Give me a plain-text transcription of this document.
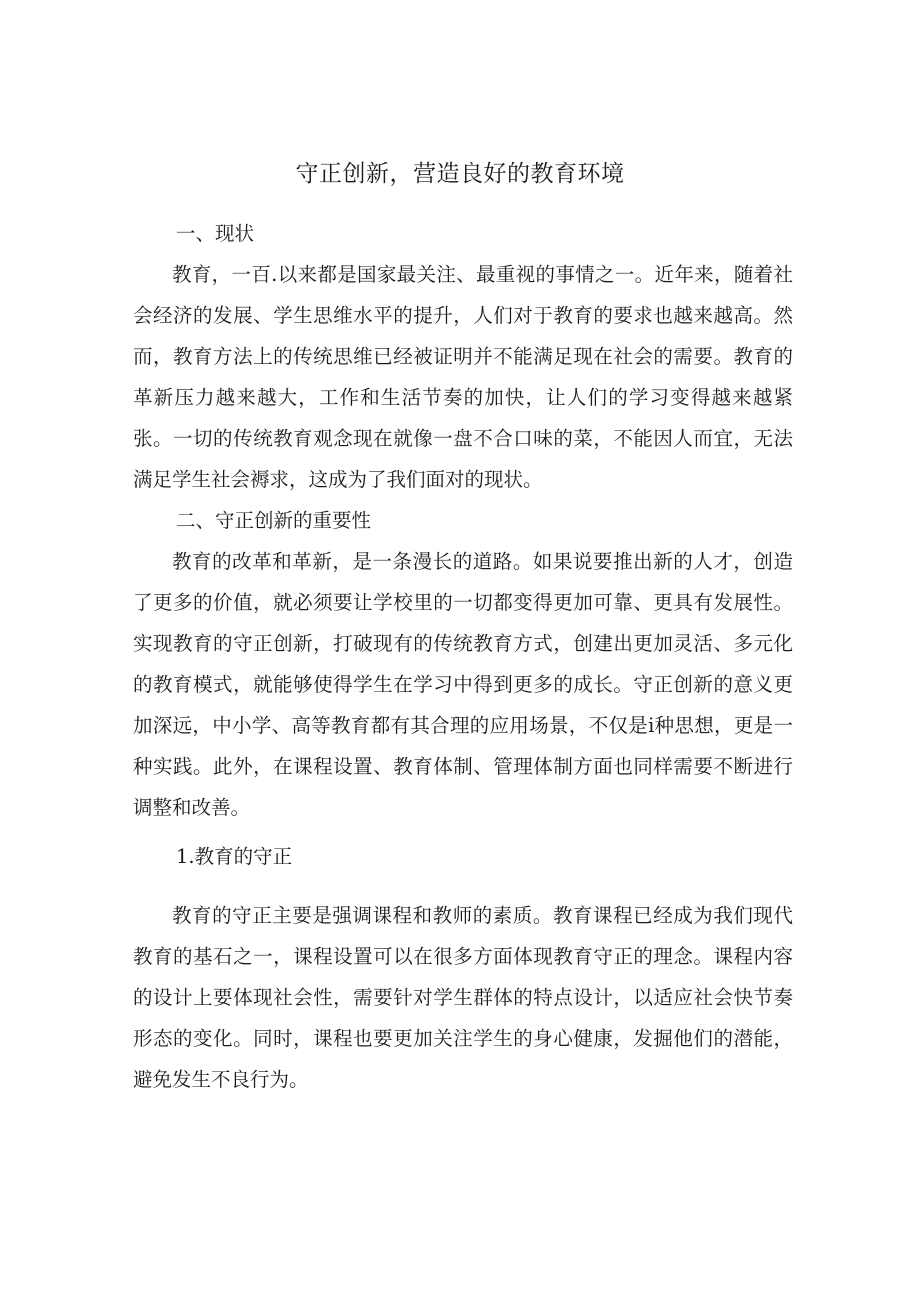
守正创新，营造良好的教育环境

一、现状

教育，一百.以来都是国家最关注、最重视的事情之一。近年来，随着社会经济的发展、学生思维水平的提升，人们对于教育的要求也越来越高。然而，教育方法上的传统思维已经被证明并不能满足现在社会的需要。教育的革新压力越来越大，工作和生活节奏的加快，让人们的学习变得越来越紧张。一切的传统教育观念现在就像一盘不合口味的菜，不能因人而宜，无法满足学生社会褥求，这成为了我们面对的现状。

二、守正创新的重要性

教育的改革和革新，是一条漫长的道路。如果说要推出新的人才，创造了更多的价值，就必须要让学校里的一切都变得更加可靠、更具有发展性。实现教育的守正创新，打破现有的传统教育方式，创建出更加灵活、多元化的教育模式，就能够使得学生在学习中得到更多的成长。守正创新的意义更加深远，中小学、高等教育都有其合理的应用场景，不仅是i种思想，更是一种实践。此外，在课程设置、教育体制、管理体制方面也同样需要不断进行调整和改善。

1.教育的守正

教育的守正主要是强调课程和教师的素质。教育课程已经成为我们现代教育的基石之一，课程设置可以在很多方面体现教育守正的理念。课程内容的设计上要体现社会性，需要针对学生群体的特点设计，以适应社会快节奏形态的变化。同时，课程也要更加关注学生的身心健康，发掘他们的潜能，避免发生不良行为。
